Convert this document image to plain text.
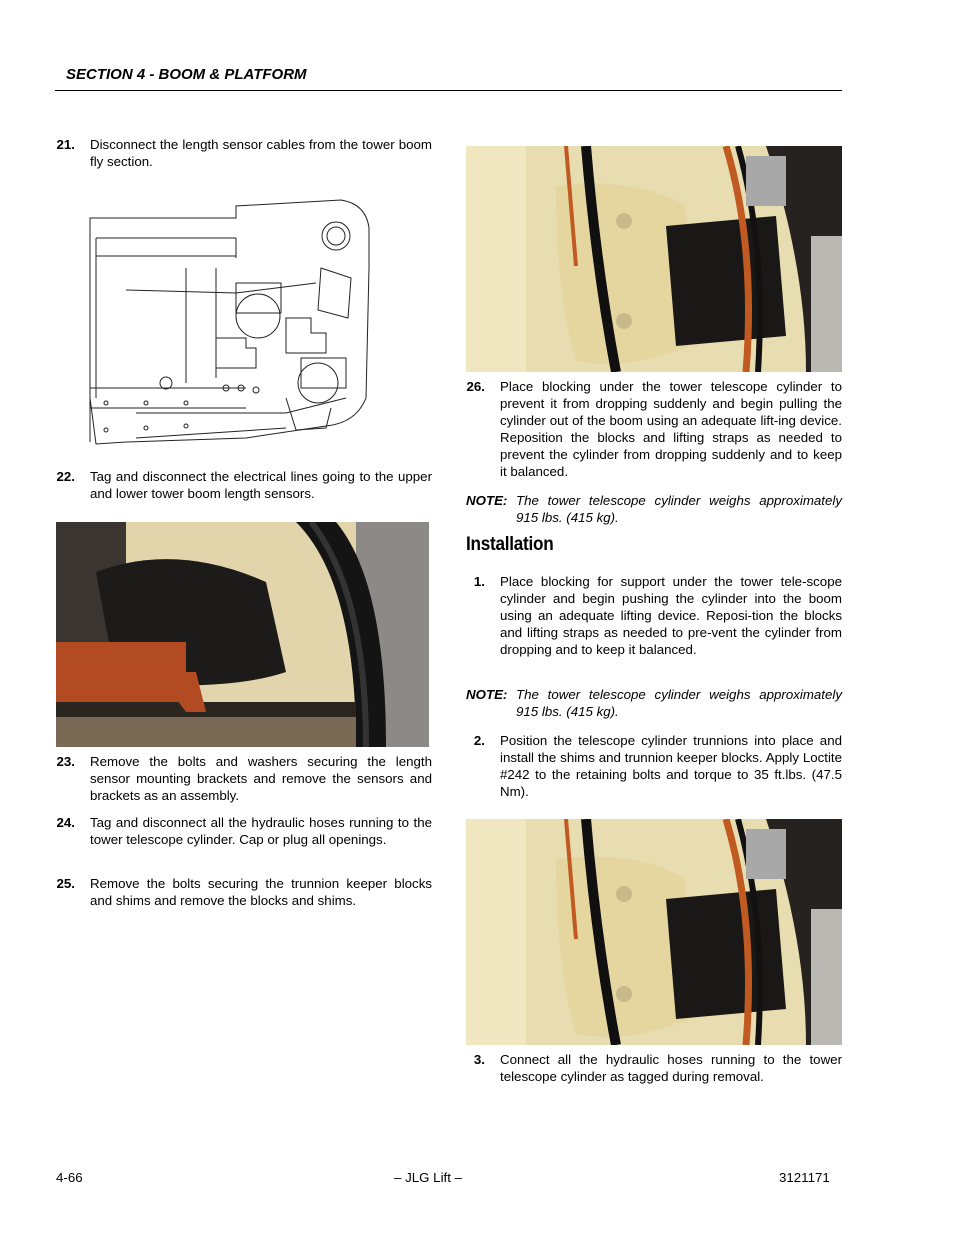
SECTION 4 - BOOM & PLATFORM
21.	Disconnect the length sensor cables from the tower boom fly section.
22.	Tag and disconnect the electrical lines going to the upper and lower tower boom length sensors.
23.	Remove the bolts and washers securing the length sensor mounting brackets and remove the sensors and brackets as an assembly.
24.	Tag and disconnect all the hydraulic hoses running to the tower telescope cylinder. Cap or plug all openings.
25.	Remove the bolts securing the trunnion keeper blocks and shims and remove the blocks and shims.
26.	Place blocking under the tower telescope cylinder to prevent it from dropping suddenly and begin pulling the cylinder out of the boom using an adequate lift-ing device. Reposition the blocks and lifting straps as needed to prevent the cylinder from dropping suddenly and to keep it balanced.
NOTE: The tower telescope cylinder weighs approximately 915 lbs. (415 kg).
Installation
1.	Place blocking for support under the tower tele-scope cylinder and begin pushing the cylinder into the boom using an adequate lifting device. Reposi-tion the blocks and lifting straps as needed to pre-vent the cylinder from dropping and to keep it balanced.
NOTE: The tower telescope cylinder weighs approximately 915 lbs. (415 kg).
2.	Position the telescope cylinder trunnions into place and install the shims and trunnion keeper blocks. Apply Loctite #242 to the retaining bolts and torque to 35 ft.lbs. (47.5 Nm).
3.	Connect all the hydraulic hoses running to the tower telescope cylinder as tagged during removal.
4-66	– JLG Lift –	3121171
